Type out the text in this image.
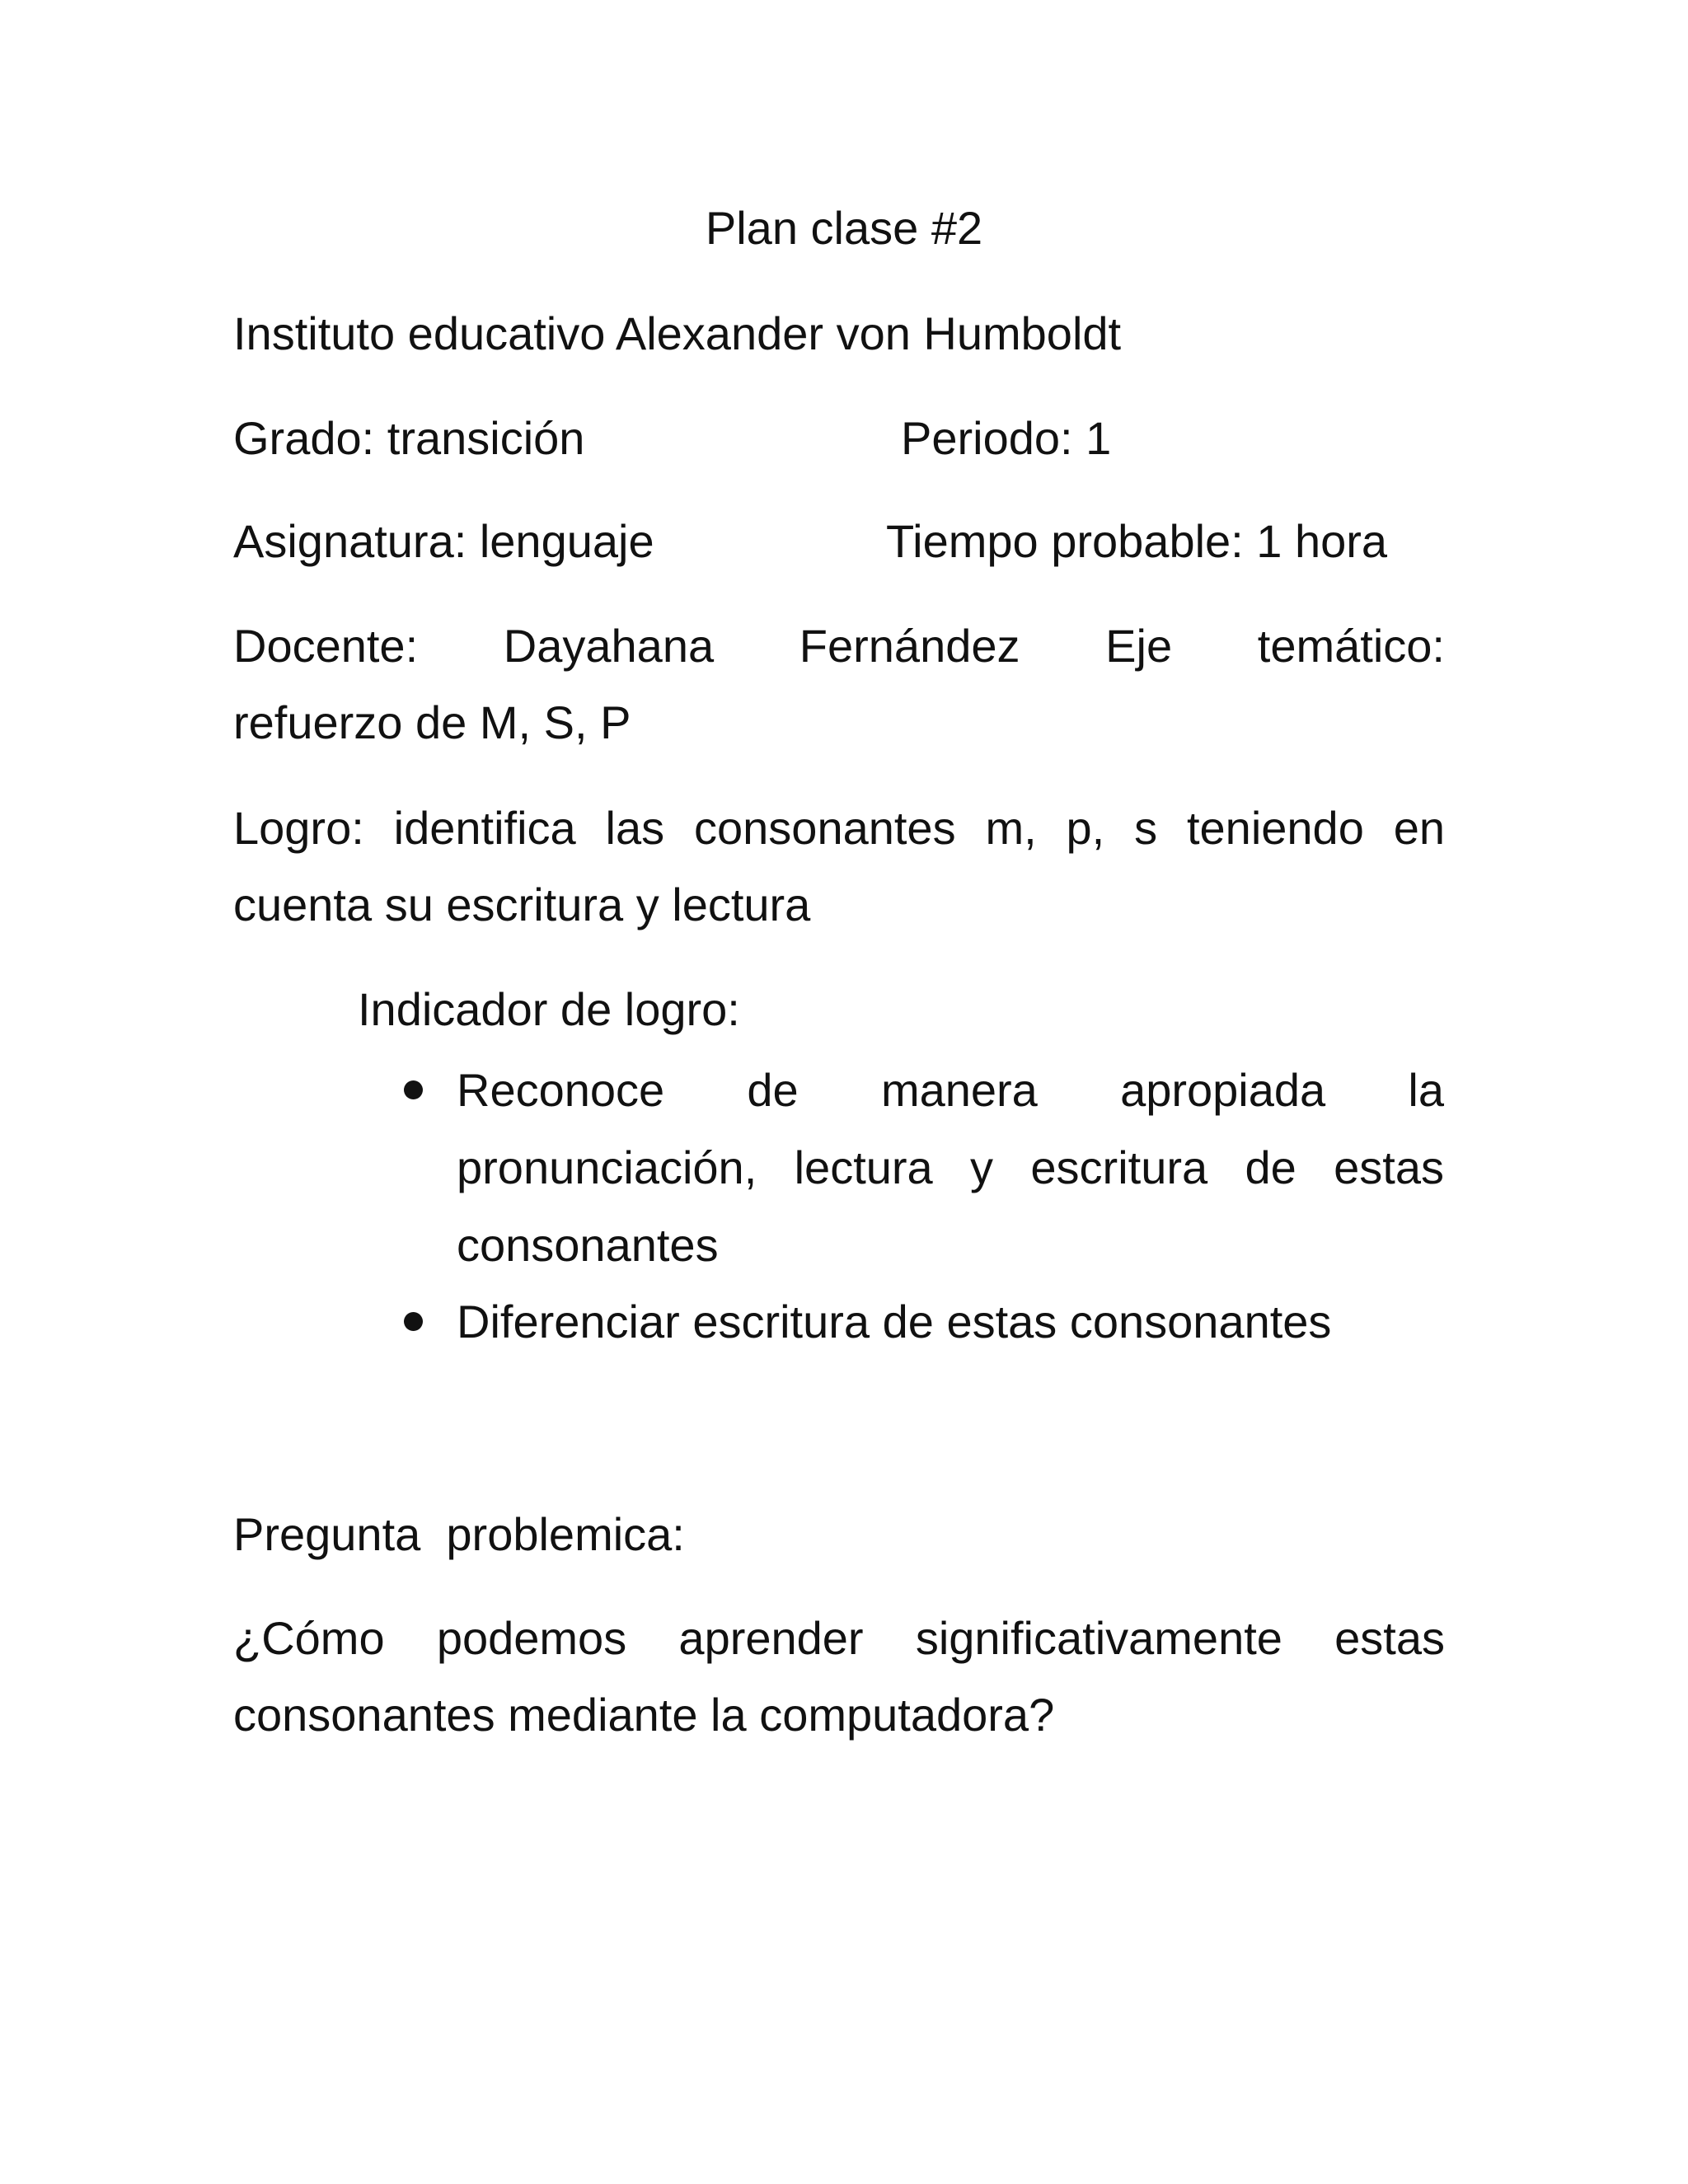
Plan clase #2
Instituto educativo Alexander von Humboldt
Grado: transición	Periodo: 1
Asignatura: lenguaje	Tiempo probable: 1 hora
Docente: Dayahana Fernández Eje temático:
refuerzo de M, S, P
Logro: identifica las consonantes m, p, s teniendo en
cuenta su escritura y lectura
Indicador de logro:
Reconoce de manera apropiada la
pronunciación, lectura y escritura de estas
consonantes
Diferenciar escritura de estas consonantes
Pregunta  problemica:
¿Cómo podemos aprender significativamente estas
consonantes mediante la computadora?
